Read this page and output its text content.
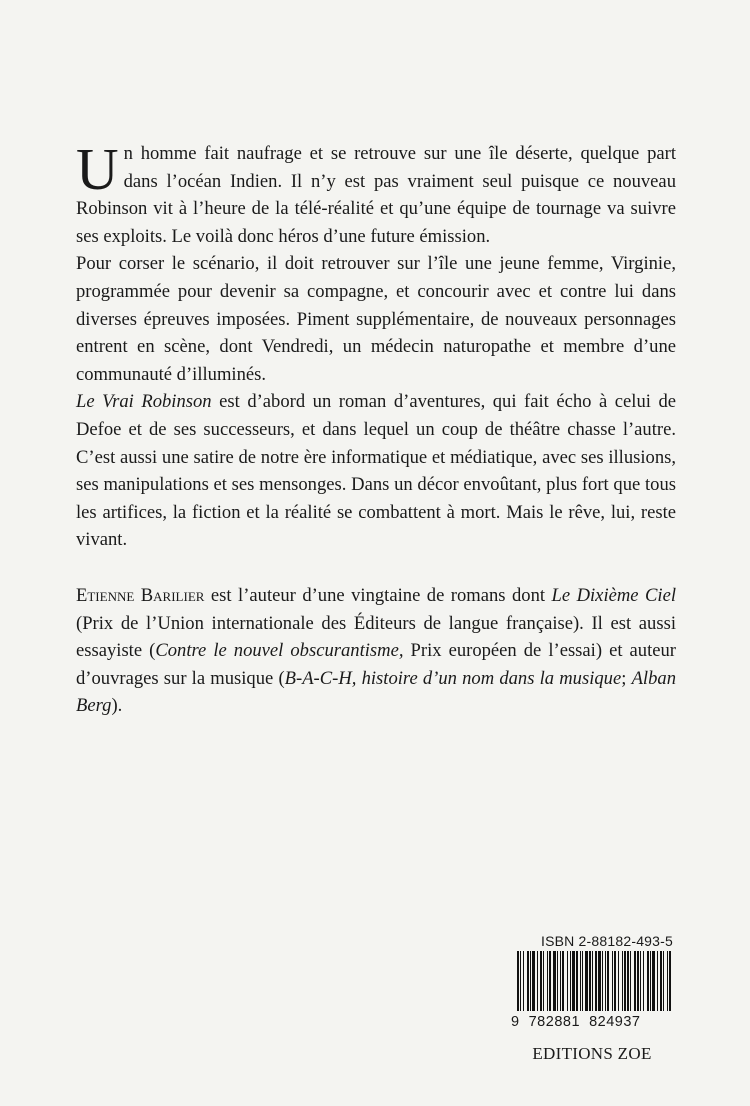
Un homme fait naufrage et se retrouve sur une île déserte, quelque part dans l’océan Indien. Il n’y est pas vraiment seul puisque ce nouveau Robinson vit à l’heure de la télé-réalité et qu’une équipe de tournage va suivre ses exploits. Le voilà donc héros d’une future émission.

Pour corser le scénario, il doit retrouver sur l’île une jeune femme, Virginie, programmée pour devenir sa compagne, et concourir avec et contre lui dans diverses épreuves imposées. Piment supplémentaire, de nouveaux personnages entrent en scène, dont Vendredi, un médecin naturopathe et membre d’une communauté d’illuminés.

Le Vrai Robinson est d’abord un roman d’aventures, qui fait écho à celui de Defoe et de ses successeurs, et dans lequel un coup de théâtre chasse l’autre. C’est aussi une satire de notre ère informatique et médiatique, avec ses illusions, ses manipulations et ses mensonges. Dans un décor envoûtant, plus fort que tous les artifices, la fiction et la réalité se combattent à mort. Mais le rêve, lui, reste vivant.

Etienne Barilier est l’auteur d’une vingtaine de romans dont Le Dixième Ciel (Prix de l’Union internationale des Éditeurs de langue française). Il est aussi essayiste (Contre le nouvel obscurantisme, Prix européen de l’essai) et auteur d’ouvrages sur la musique (B-A-C-H, histoire d’un nom dans la musique; Alban Berg).

ISBN 2-88182-493-5
9  782881  824937
EDITIONS ZOE
